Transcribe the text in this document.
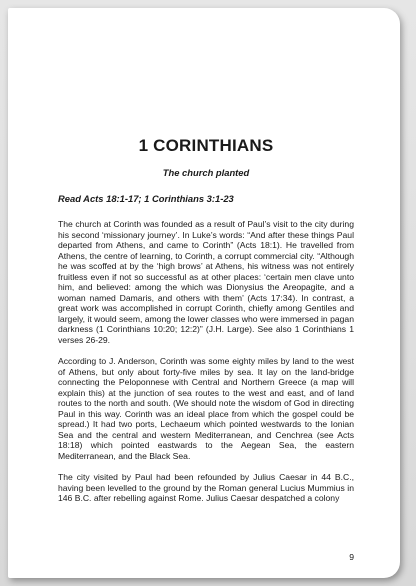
1 CORINTHIANS
The church planted
Read Acts 18:1-17; 1 Corinthians 3:1-23

The church at Corinth was founded as a result of Paul’s visit to the city during his second ‘missionary journey’. In Luke’s words: “And after these things Paul departed from Athens, and came to Corinth” (Acts 18:1). He travelled from Athens, the centre of learning, to Corinth, a corrupt commercial city. “Although he was scoffed at by the ‘high brows’ at Athens, his witness was not entirely fruitless even if not so successful as at other places: ‘certain men clave unto him, and believed: among the which was Dionysius the Areopagite, and a woman named Damaris, and others with them’ (Acts 17:34). In contrast, a great work was accomplished in corrupt Corinth, chiefly among Gentiles and largely, it would seem, among the lower classes who were immersed in pagan darkness (1 Corinthians 10:20; 12:2)” (J.H. Large). See also 1 Corinthians 1 verses 26-29.

According to J. Anderson, Corinth was some eighty miles by land to the west of Athens, but only about forty-five miles by sea. It lay on the land-bridge connecting the Peloponnese with Central and Northern Greece (a map will explain this) at the junction of sea routes to the west and east, and of land routes to the north and south. (We should note the wisdom of God in directing Paul in this way. Corinth was an ideal place from which the gospel could be spread.) It had two ports, Lechaeum which pointed westwards to the Ionian Sea and the central and western Mediterranean, and Cenchrea (see Acts 18:18) which pointed eastwards to the Aegean Sea, the eastern Mediterranean, and the Black Sea.

The city visited by Paul had been refounded by Julius Caesar in 44 B.C., having been levelled to the ground by the Roman general Lucius Mummius in 146 B.C. after rebelling against Rome. Julius Caesar despatched a colony

9
